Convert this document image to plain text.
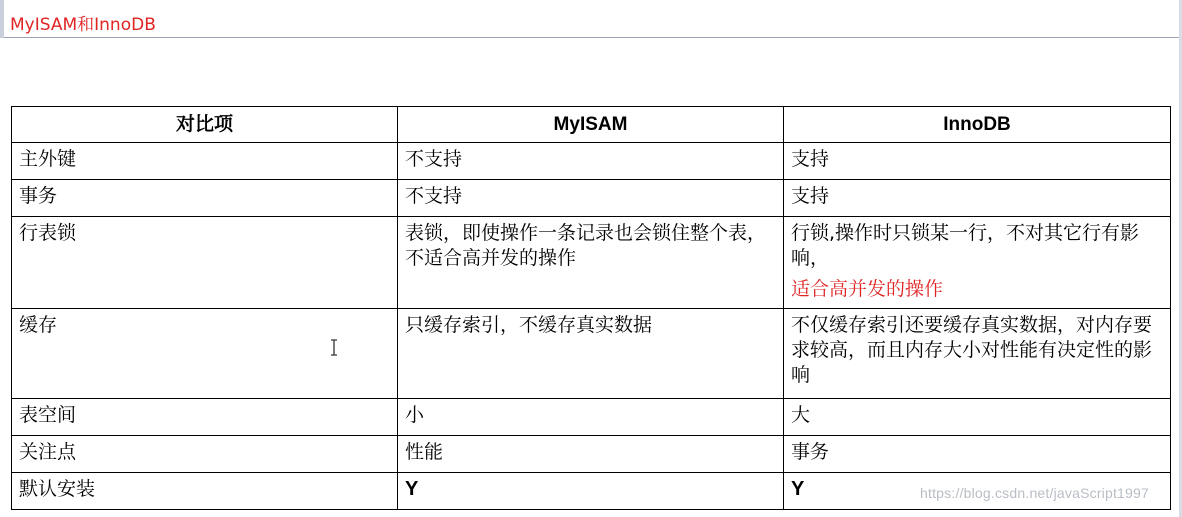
MyISAM和InnoDB
对比项	MyISAM	InnoDB

主外键	不支持	支持

事务	不支持	支持

行表锁	表锁，即使操作一条记录也会锁住整个表，不适合高并发的操作	行锁,操作时只锁某一行，不对其它行有影响，
适合高并发的操作

缓存	只缓存索引，不缓存真实数据	不仅缓存索引还要缓存真实数据，对内存要求较高，而且内存大小对性能有决定性的影响

表空间	小	大

关注点	性能	事务

默认安装	Y	Y	https://blog.csdn.net/javaScript1997
